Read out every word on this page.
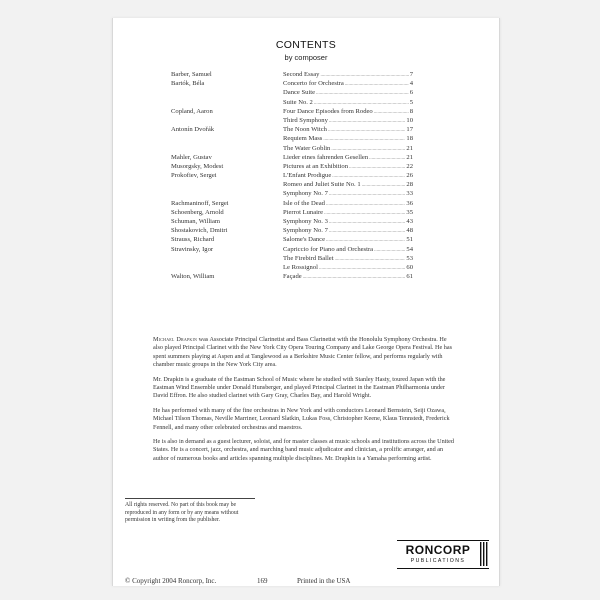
CONTENTS
by composer
Barber, Samuel	Second Essay .....	7
Bartók, Béla	Concerto for Orchestra .....	4
Dance Suite .....	6
Suite No. 2 .....	5
Copland, Aaron	Four Dance Episodes from Rodeo .....	8
Third Symphony .....	10
Antonín Dvořák	The Noon Witch .....	17
Requiem Mass .....	18
The Water Goblin .....	21
Mahler, Gustav	Lieder eines fahrenden Gesellen .....	21
Musorgsky, Modest	Pictures at an Exhibition .....	22
Prokofiev, Sergei	L'Enfant Prodigue .....	26
Romeo and Juliet Suite No. 1 .....	28
Symphony No. 7 .....	33
Rachmaninoff, Sergei	Isle of the Dead .....	36
Schoenberg, Arnold	Pierrot Lunaire .....	35
Schuman, William	Symphony No. 3 .....	43
Shostakovich, Dmitri	Symphony No. 7 .....	48
Strauss, Richard	Salome's Dance .....	51
Stravinsky, Igor	Capriccio for Piano and Orchestra .....	54
The Firebird Ballet .....	53
Le Rossignol .....	60
Walton, William	Façade .....	61

Michael Drapkin was Associate Principal Clarinetist and Bass Clarinetist with the Honolulu Symphony Orchestra. He also played Principal Clarinet with the New York City Opera Touring Company and Lake George Opera Festival. He has spent summers playing at Aspen and at Tanglewood as a Berkshire Music Center fellow, and performs regularly with chamber music groups in the New York City area.

Mr. Drapkin is a graduate of the Eastman School of Music where he studied with Stanley Hasty, toured Japan with the Eastman Wind Ensemble under Donald Hunsberger, and played Principal Clarinet in the Eastman Philharmonia under David Effron. He also studied clarinet with Gary Gray, Charles Bay, and Harold Wright.

He has performed with many of the fine orchestras in New York and with conductors Leonard Bernstein, Seiji Ozawa, Michael Tilson Thomas, Neville Marriner, Leonard Slatkin, Lukas Foss, Christopher Keene, Klaus Tennstedt, Frederick Fennell, and many other celebrated orchestras and maestros.

He is also in demand as a guest lecturer, soloist, and for master classes at music schools and institutions across the United States. He is a concert, jazz, orchestra, and marching band music adjudicator and clinician, a prolific arranger, and an author of numerous books and articles spanning multiple disciplines. Mr. Drapkin is a Yamaha performing artist.

All rights reserved. No part of this book may be reproduced in any form or by any means without permission in writing from the publisher.
RONCORP
PUBLICATIONS
© Copyright 2004 Roncorp, Inc.	169	Printed in the USA
